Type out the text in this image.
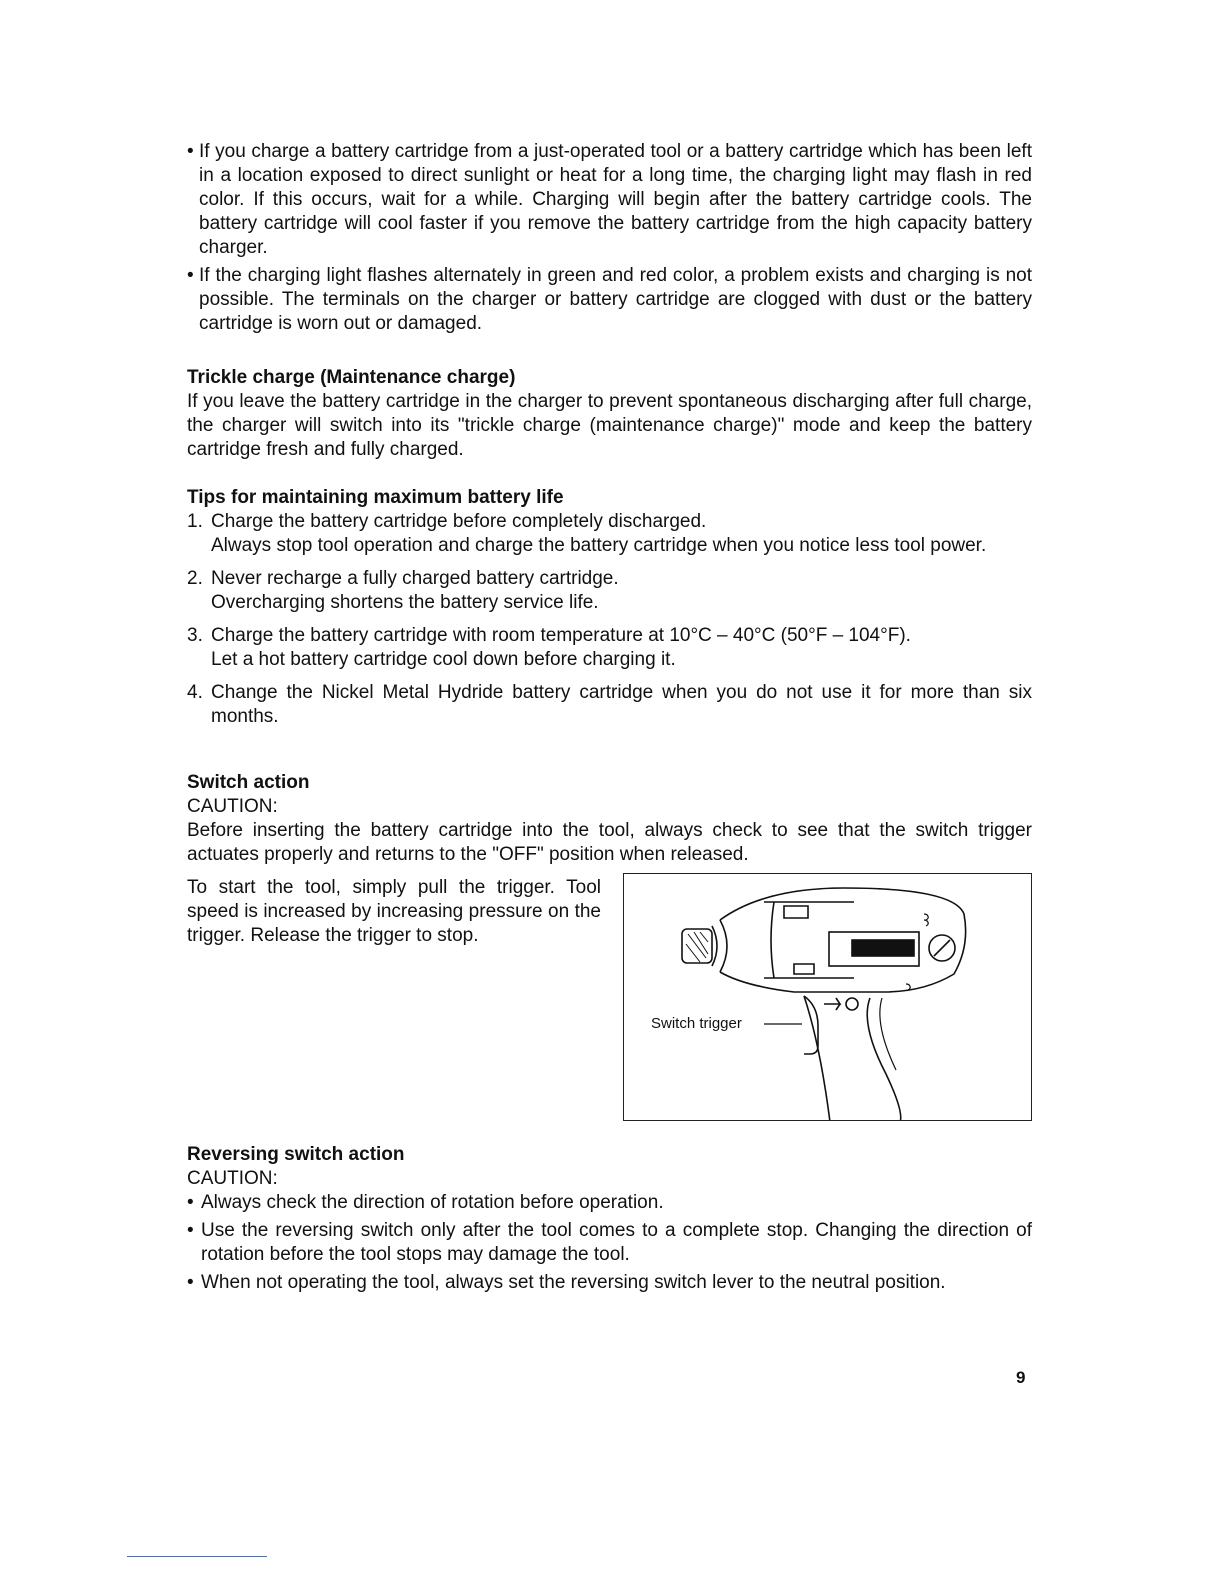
• If you charge a battery cartridge from a just-operated tool or a battery cartridge which has been left in a location exposed to direct sunlight or heat for a long time, the charging light may flash in red color. If this occurs, wait for a while. Charging will begin after the battery cartridge cools. The battery cartridge will cool faster if you remove the battery cartridge from the high capacity battery charger.
• If the charging light flashes alternately in green and red color, a problem exists and charging is not possible. The terminals on the charger or battery cartridge are clogged with dust or the battery cartridge is worn out or damaged.

Trickle charge (Maintenance charge)

If you leave the battery cartridge in the charger to prevent spontaneous discharging after full charge, the charger will switch into its "trickle charge (maintenance charge)" mode and keep the battery cartridge fresh and fully charged.

Tips for maintaining maximum battery life

1. Charge the battery cartridge before completely discharged.
Always stop tool operation and charge the battery cartridge when you notice less tool power.
2. Never recharge a fully charged battery cartridge.
Overcharging shortens the battery service life.
3. Charge the battery cartridge with room temperature at 10°C – 40°C (50°F – 104°F).
Let a hot battery cartridge cool down before charging it.
4. Change the Nickel Metal Hydride battery cartridge when you do not use it for more than six months.

Switch action

CAUTION:

Before inserting the battery cartridge into the tool, always check to see that the switch trigger actuates properly and returns to the "OFF" position when released.

To start the tool, simply pull the trigger. Tool speed is increased by increasing pressure on the trigger. Release the trigger to stop.
makita
Switch trigger

Reversing switch action

CAUTION:

• Always check the direction of rotation before operation.
• Use the reversing switch only after the tool comes to a complete stop. Changing the direction of rotation before the tool stops may damage the tool.
• When not operating the tool, always set the reversing switch lever to the neutral position.
9
